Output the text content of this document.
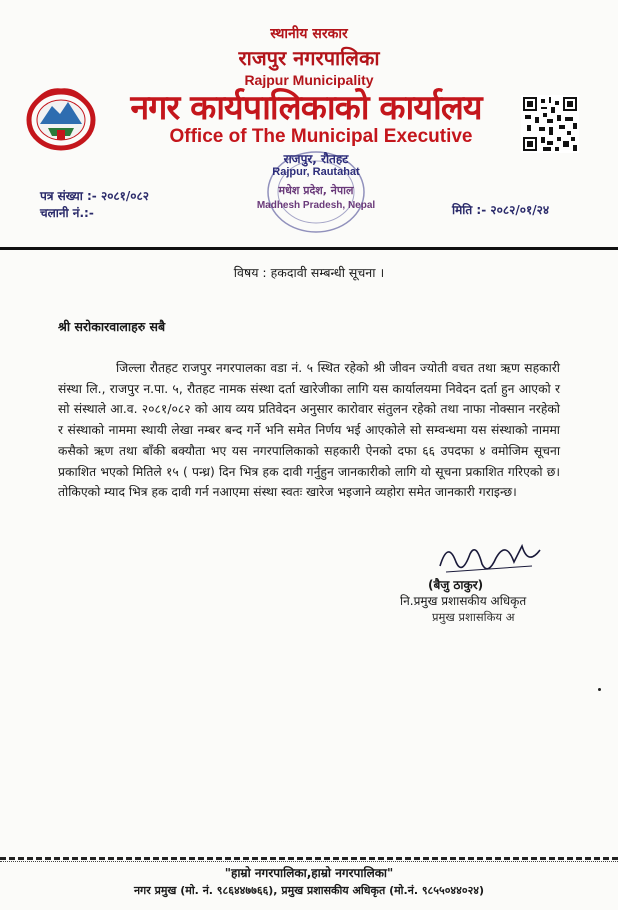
स्थानीय सरकार
राजपुर नगरपालिका
Rajpur Municipality
नगर कार्यपालिकाको कार्यालय
Office of The Municipal Executive
राजपुर, रौतहट
Rajpur, Rautahat
मधेश प्रदेश, नेपाल
Madhesh Pradesh, Nepal
पत्र संख्या :- २०८१/०८२
चलानी नं.:-	मिति :- २०८२/०१/२४
विषय : हकदावी सम्बन्धी सूचना ।
श्री सरोकारवालाहरु सबै
जिल्ला रौतहट राजपुर नगरपालका वडा नं. ५ स्थित रहेको श्री जीवन ज्योती वचत तथा ऋण सहकारी संस्था लि., राजपुर न.पा. ५, रौतहट नामक संस्था दर्ता खारेजीका लागि यस कार्यालयमा निवेदन दर्ता हुन आएको र सो संस्थाले आ.व. २०८१/०८२ को आय व्यय प्रतिवेदन अनुसार कारोवार संतुलन रहेको तथा नाफा नोक्सान नरहेको र संस्थाको नाममा स्थायी लेखा नम्बर बन्द गर्ने भनि समेत निर्णय भई आएकोले सो सम्वन्धमा यस संस्थाको नाममा कसैको ऋण तथा बाँकी बक्यौता भए यस नगरपालिकाको सहकारी ऐनको दफा ६६ उपदफा ४ वमोजिम सूचना प्रकाशित भएको मितिले १५ ( पन्ध्र) दिन भित्र हक दावी गर्नुहुन जानकारीको लागि यो सूचना प्रकाशित गरिएको छ। तोकिएको म्याद भित्र हक दावी गर्न नआएमा संस्था स्वतः खारेज भइजाने व्यहोरा समेत जानकारी गराइन्छ।
(बैजु ठाकुर)
नि.प्रमुख प्रशासकीय अधिकृत
प्रमुख प्रशासकिय अ
"हाम्रो नगरपालिका,हाम्रो नगरपालिका"
नगर प्रमुख (मो. नं. ९८६४४७७६६), प्रमुख प्रशासकीय अधिकृत (मो.नं. ९८५५०४४०२४)
